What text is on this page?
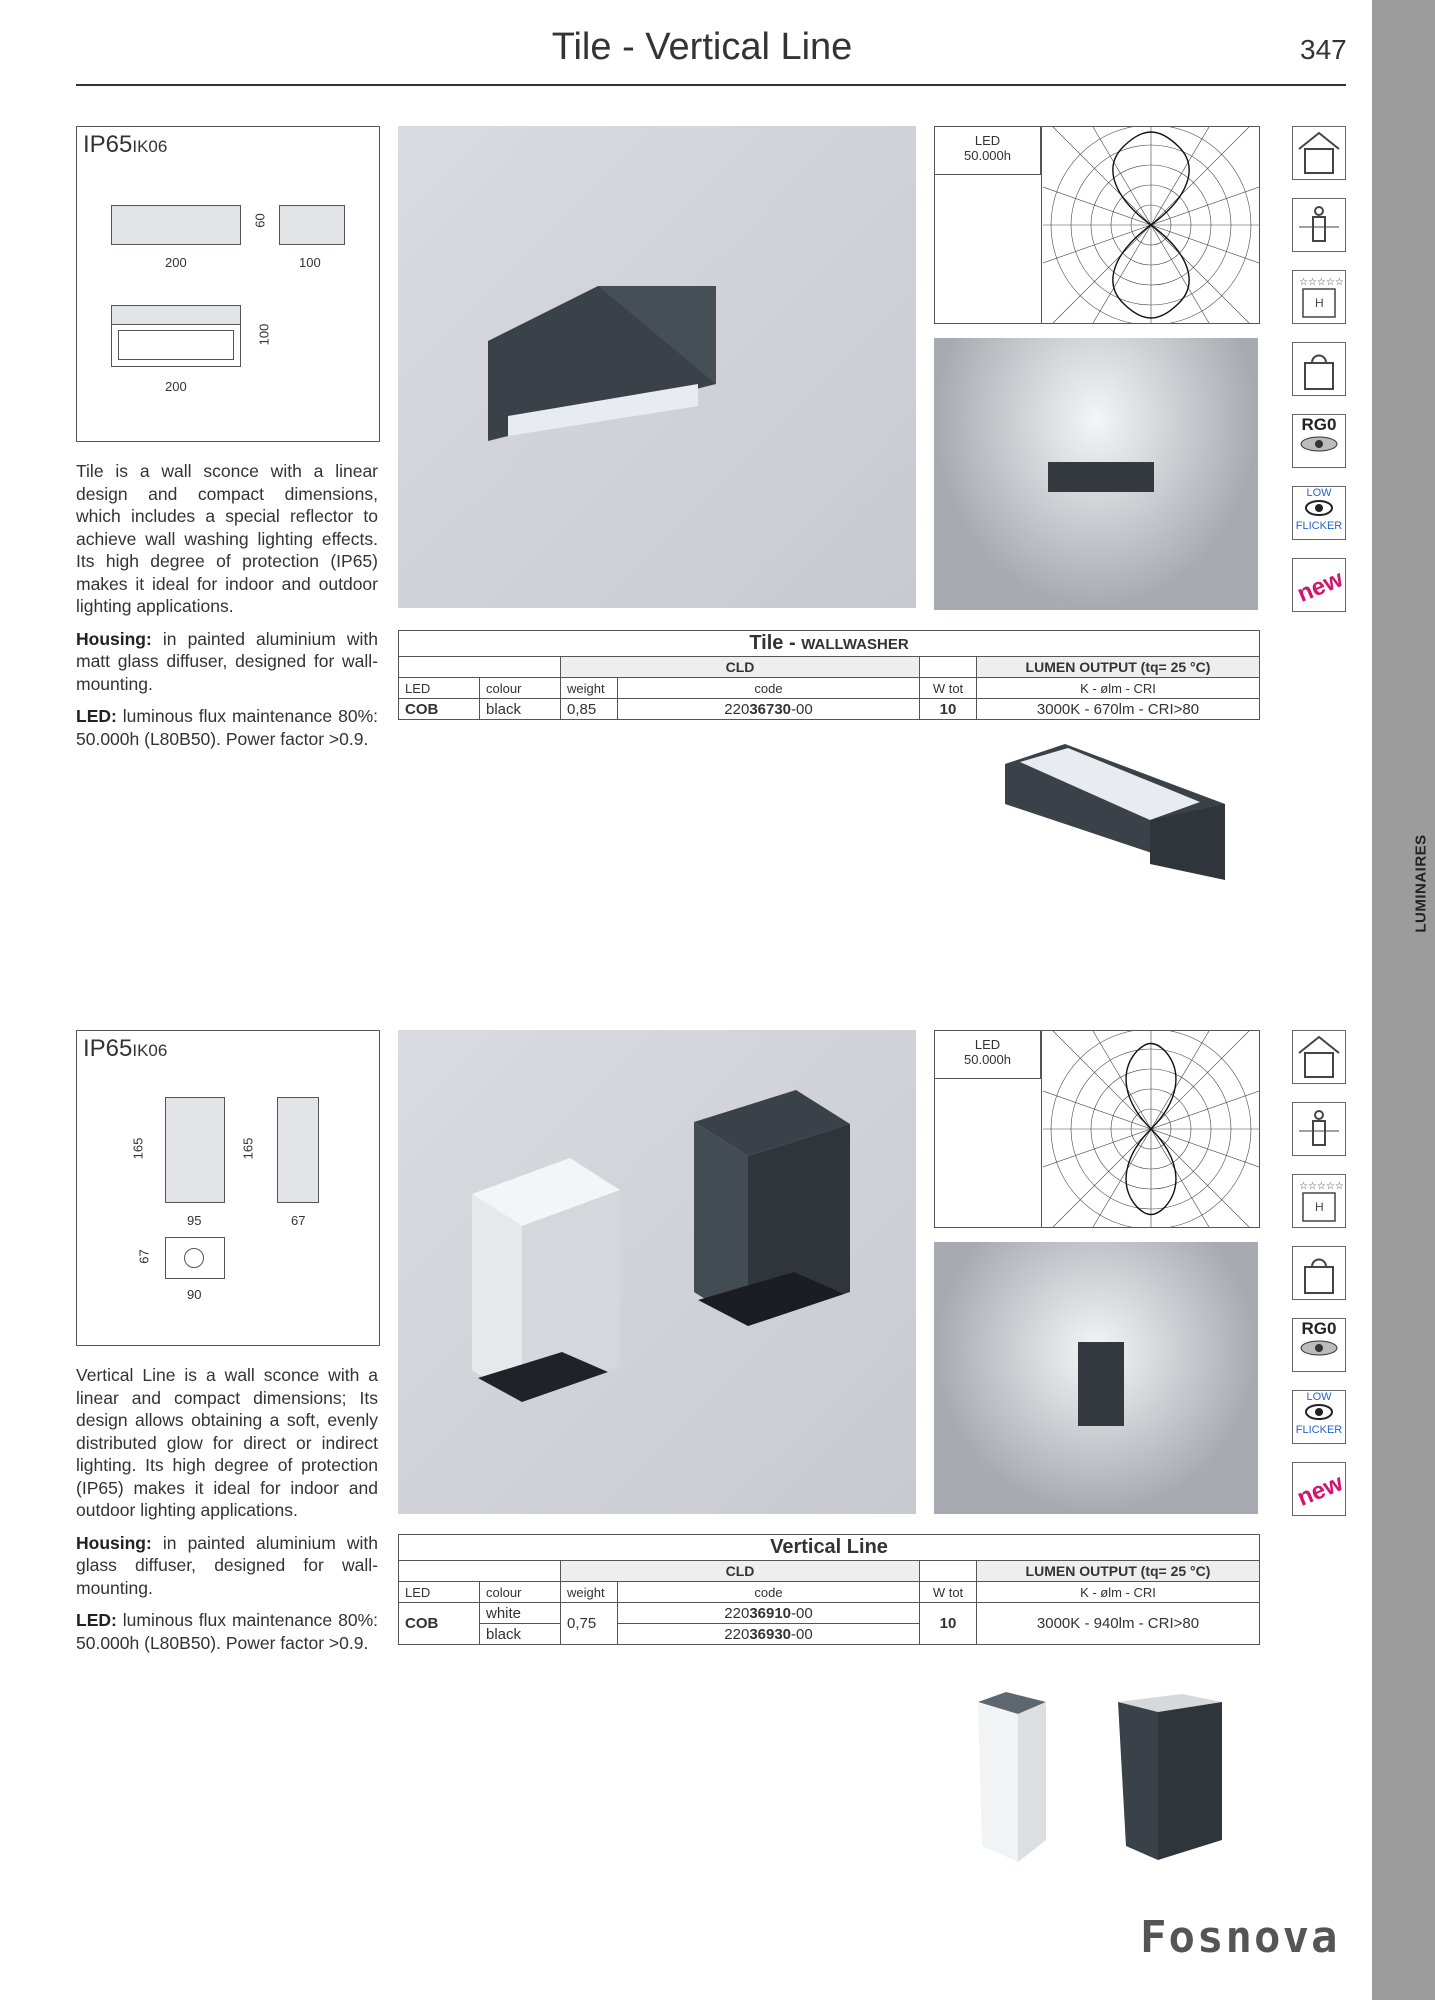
Tile - Vertical Line	347
LUMINAIRES
IP65IK06
60
200	100
100
200

Tile is a wall sconce with a linear design and compact dimensions, which includes a special reflector to achieve wall washing lighting effects. Its high degree of protection (IP65) makes it ideal for indoor and outdoor lighting applications.

Housing: in painted aluminium with matt glass diffuser, designed for wall-mounting.

LED: luminous flux maintenance 80%: 50.000h (L80B50). Power factor >0.9.

LED
50.000h
Tile - WALLWASHER					
		CLD			LUMEN OUTPUT (tq= 25 °C)
LED	colour	weight	code	W tot	K - ølm - CRI
COB	black	0,85	22036730-00	10	3000K - 670lm - CRI>80
IP65IK06
165
95
165
67
67
90

Vertical Line is a wall sconce with a linear and compact dimensions; Its design allows obtaining a soft, evenly distributed glow for direct or indirect lighting. Its high degree of protection (IP65) makes it ideal for indoor and outdoor lighting applications.

Housing: in painted aluminium with glass diffuser, designed for wall-mounting.

LED: luminous flux maintenance 80%: 50.000h (L80B50). Power factor >0.9.

LED
50.000h
Vertical Line					
		CLD			LUMEN OUTPUT (tq= 25 °C)
LED	colour	weight	code	W tot	K - ølm - CRI
COB	white	0,75	22036910-00	10	3000K - 940lm - CRI>80
	black		22036930-00		
☆☆☆☆☆
H
RG0
LOW
FLICKER
new
☆☆☆☆☆
H
RG0
LOW
FLICKER
new
Fosnova
